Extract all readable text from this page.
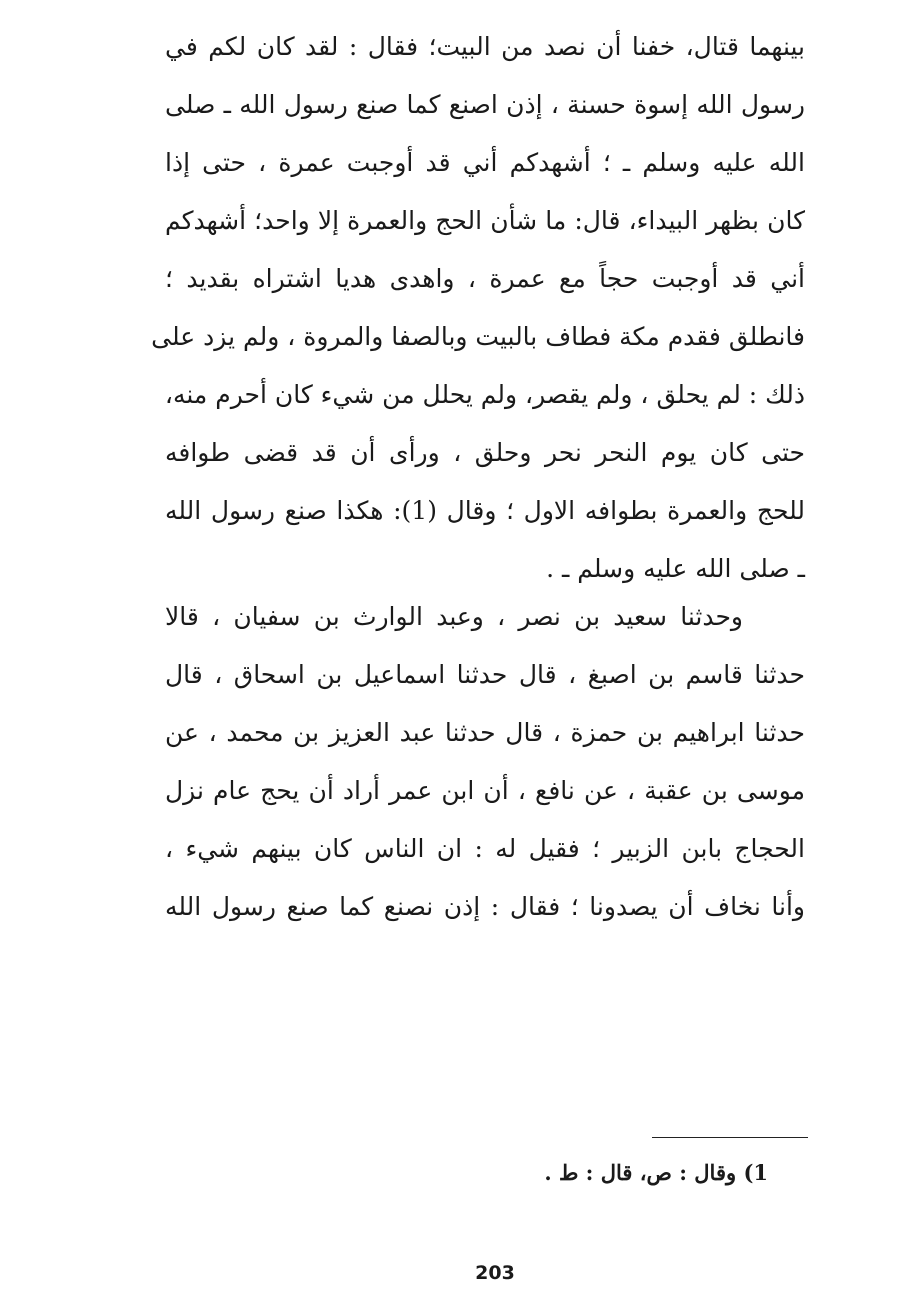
بينهما قتال، خفنا أن نصد من البيت؛ فقال : لقد كان لكم في
رسول الله إسوة حسنة ، إذن اصنع كما صنع رسول الله ـ صلى
الله عليه وسلم ـ ؛ أشهدكم أني قد أوجبت عمرة ، حتى إذا
كان بظهر البيداء، قال: ما شأن الحج والعمرة إلا واحد؛ أشهدكم
أني قد أوجبت حجاً مع عمرة ، واهدى هديا اشتراه بقديد ؛
فانطلق فقدم مكة فطاف بالبيت وبالصفا والمروة ، ولم يزد على
ذلك : لم يحلق ، ولم يقصر، ولم يحلل من شيء كان أحرم منه،
حتى كان يوم النحر نحر وحلق ، ورأى أن قد قضى طوافه
للحج والعمرة بطوافه الاول ؛ وقال (1): هكذا صنع رسول الله
ـ صلى الله عليه وسلم ـ .
وحدثنا سعيد بن نصر ، وعبد الوارث بن سفيان ، قالا
حدثنا قاسم بن اصبغ ، قال حدثنا اسماعيل بن اسحاق ، قال
حدثنا ابراهيم بن حمزة ، قال حدثنا عبد العزيز بن محمد ، عن
موسى بن عقبة ، عن نافع ، أن ابن عمر أراد أن يحج عام نزل
الحجاج بابن الزبير ؛ فقيل له : ان الناس كان بينهم شيء ،
وأنا نخاف أن يصدونا ؛ فقال : إذن نصنع كما صنع رسول الله
1) وقال : ص، قال : ط .
203
